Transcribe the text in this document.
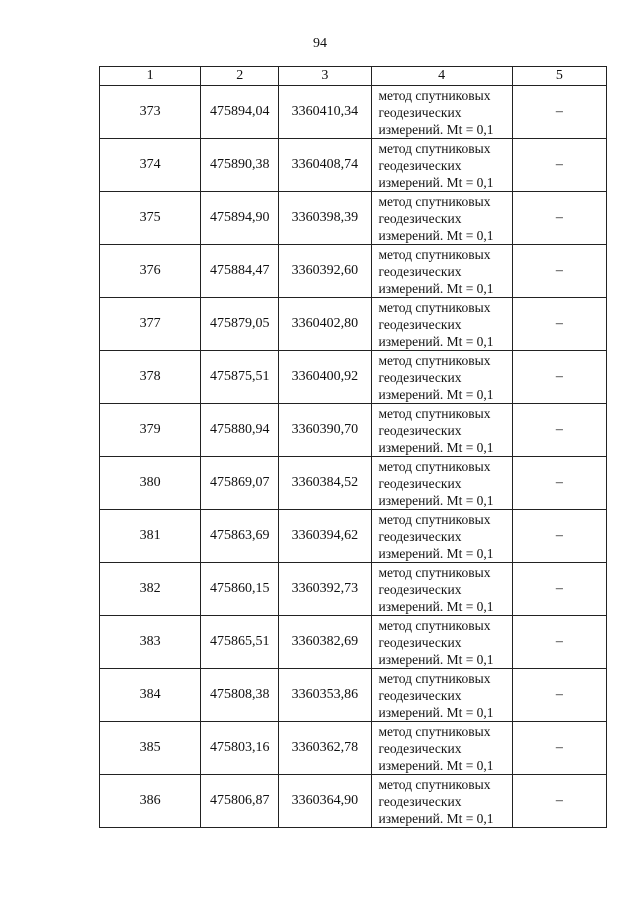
94
1	2	3	4	5
373	475894,04	3360410,34	метод спутниковых
геодезических
измерений. Mt = 0,1	–
374	475890,38	3360408,74	метод спутниковых
геодезических
измерений. Mt = 0,1	–
375	475894,90	3360398,39	метод спутниковых
геодезических
измерений. Mt = 0,1	–
376	475884,47	3360392,60	метод спутниковых
геодезических
измерений. Mt = 0,1	–
377	475879,05	3360402,80	метод спутниковых
геодезических
измерений. Mt = 0,1	–
378	475875,51	3360400,92	метод спутниковых
геодезических
измерений. Mt = 0,1	–
379	475880,94	3360390,70	метод спутниковых
геодезических
измерений. Mt = 0,1	–
380	475869,07	3360384,52	метод спутниковых
геодезических
измерений. Mt = 0,1	–
381	475863,69	3360394,62	метод спутниковых
геодезических
измерений. Mt = 0,1	–
382	475860,15	3360392,73	метод спутниковых
геодезических
измерений. Mt = 0,1	–
383	475865,51	3360382,69	метод спутниковых
геодезических
измерений. Mt = 0,1	–
384	475808,38	3360353,86	метод спутниковых
геодезических
измерений. Mt = 0,1	–
385	475803,16	3360362,78	метод спутниковых
геодезических
измерений. Mt = 0,1	–
386	475806,87	3360364,90	метод спутниковых
геодезических
измерений. Mt = 0,1	–
